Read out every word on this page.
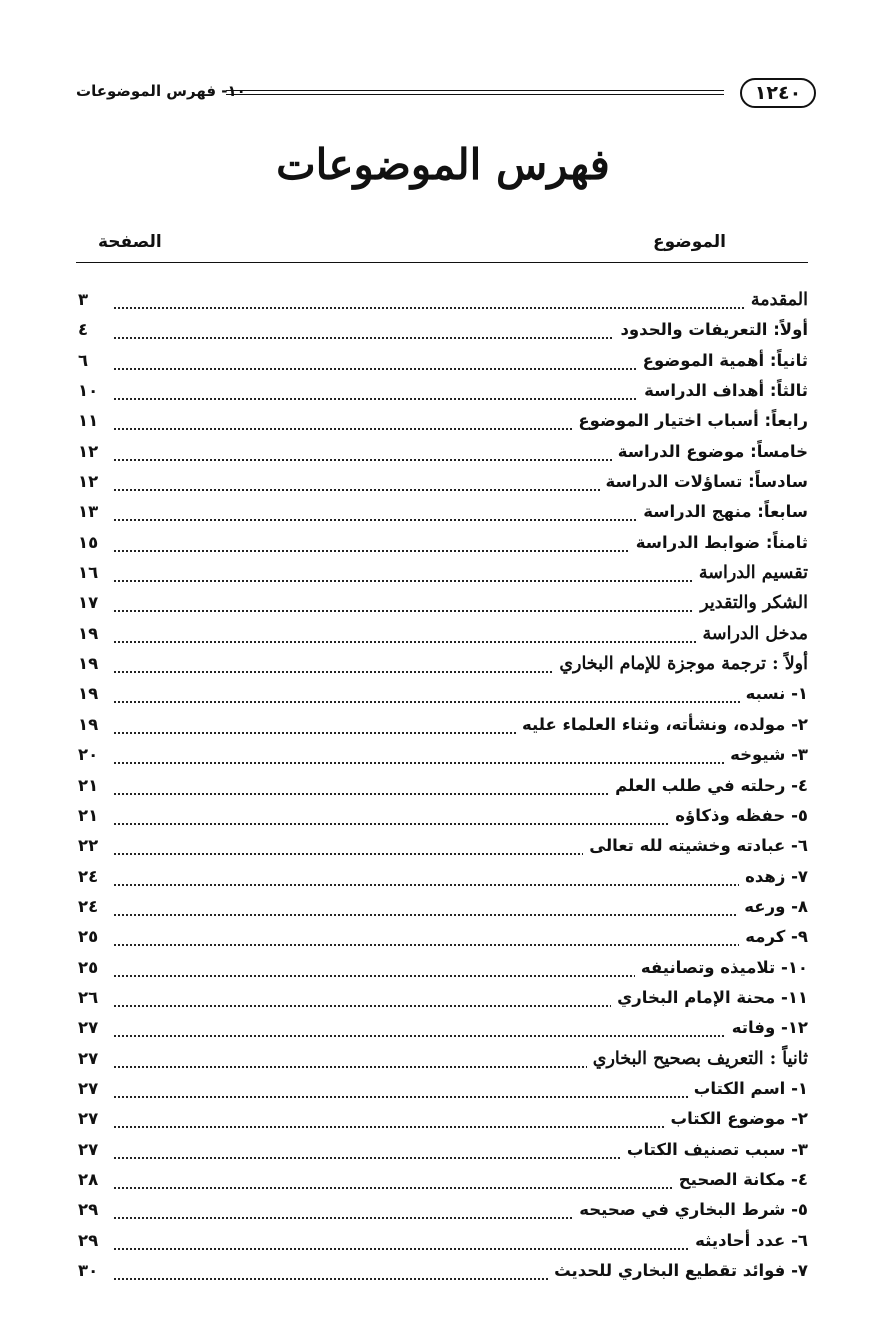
١٢٤٠
١٠- فهرس الموضوعات
فهرس الموضوعات
الموضوع
الصفحة
المقدمة
٣
أولاً: التعريفات والحدود
٤
ثانياً: أهمية الموضوع
٦
ثالثاً: أهداف الدراسة
١٠
رابعاً: أسباب اختيار الموضوع
١١
خامساً: موضوع الدراسة
١٢
سادساً: تساؤلات الدراسة
١٢
سابعاً: منهج الدراسة
١٣
ثامناً: ضوابط الدراسة
١٥
تقسيم الدراسة
١٦
الشكر والتقدير
١٧
مدخل الدراسة
١٩
أولاً : ترجمة موجزة للإمام البخاري
١٩
١- نسبه
١٩
٢- مولده، ونشأته، وثناء العلماء عليه
١٩
٣- شيوخه
٢٠
٤- رحلته في طلب العلم
٢١
٥- حفظه وذكاؤه
٢١
٦- عبادته وخشيته لله تعالى
٢٢
٧- زهده
٢٤
٨- ورعه
٢٤
٩- كرمه
٢٥
١٠- تلاميذه وتصانيفه
٢٥
١١- محنة الإمام البخاري
٢٦
١٢- وفاته
٢٧
ثانياً : التعريف بصحيح البخاري
٢٧
١- اسم الكتاب
٢٧
٢- موضوع الكتاب
٢٧
٣- سبب تصنيف الكتاب
٢٧
٤- مكانة الصحيح
٢٨
٥- شرط البخاري في صحيحه
٢٩
٦- عدد أحاديثه
٢٩
٧- فوائد تقطيع البخاري للحديث
٣٠
